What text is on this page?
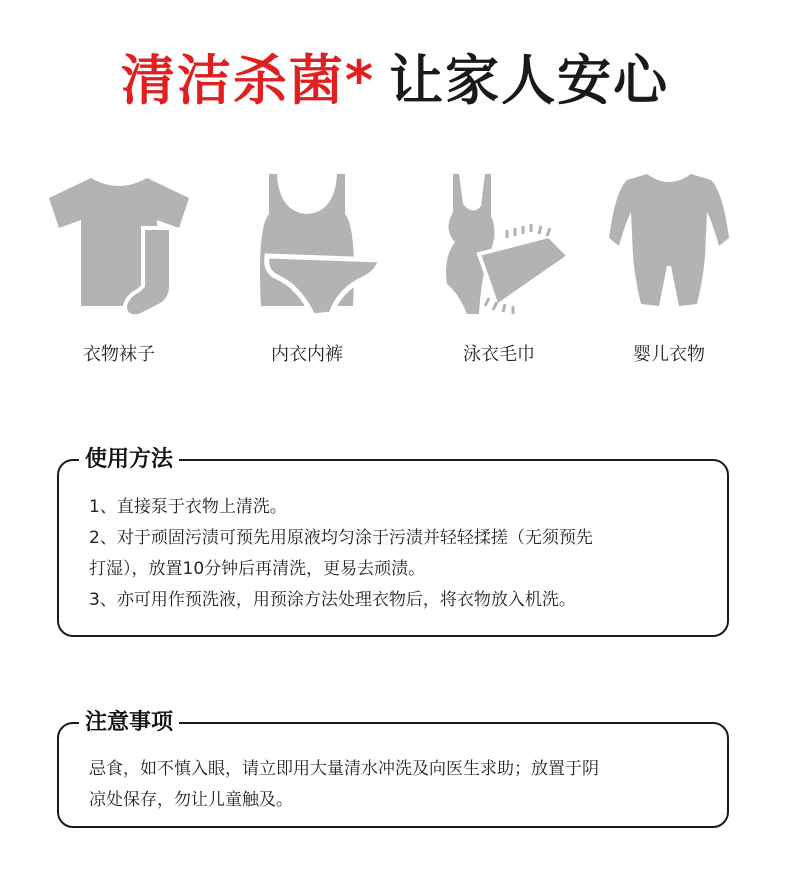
清洁杀菌* 让家人安心
衣物袜子	内衣内裤	泳衣毛巾	婴儿衣物
使用方法

1、直接泵于衣物上清洗。

2、对于顽固污渍可预先用原液均匀涂于污渍并轻轻揉搓（无须预先

打湿），放置10分钟后再清洗，更易去顽渍。

3、亦可用作预洗液，用预涂方法处理衣物后，将衣物放入机洗。

注意事项

忌食，如不慎入眼，请立即用大量清水冲洗及向医生求助；放置于阴

凉处保存，勿让儿童触及。
